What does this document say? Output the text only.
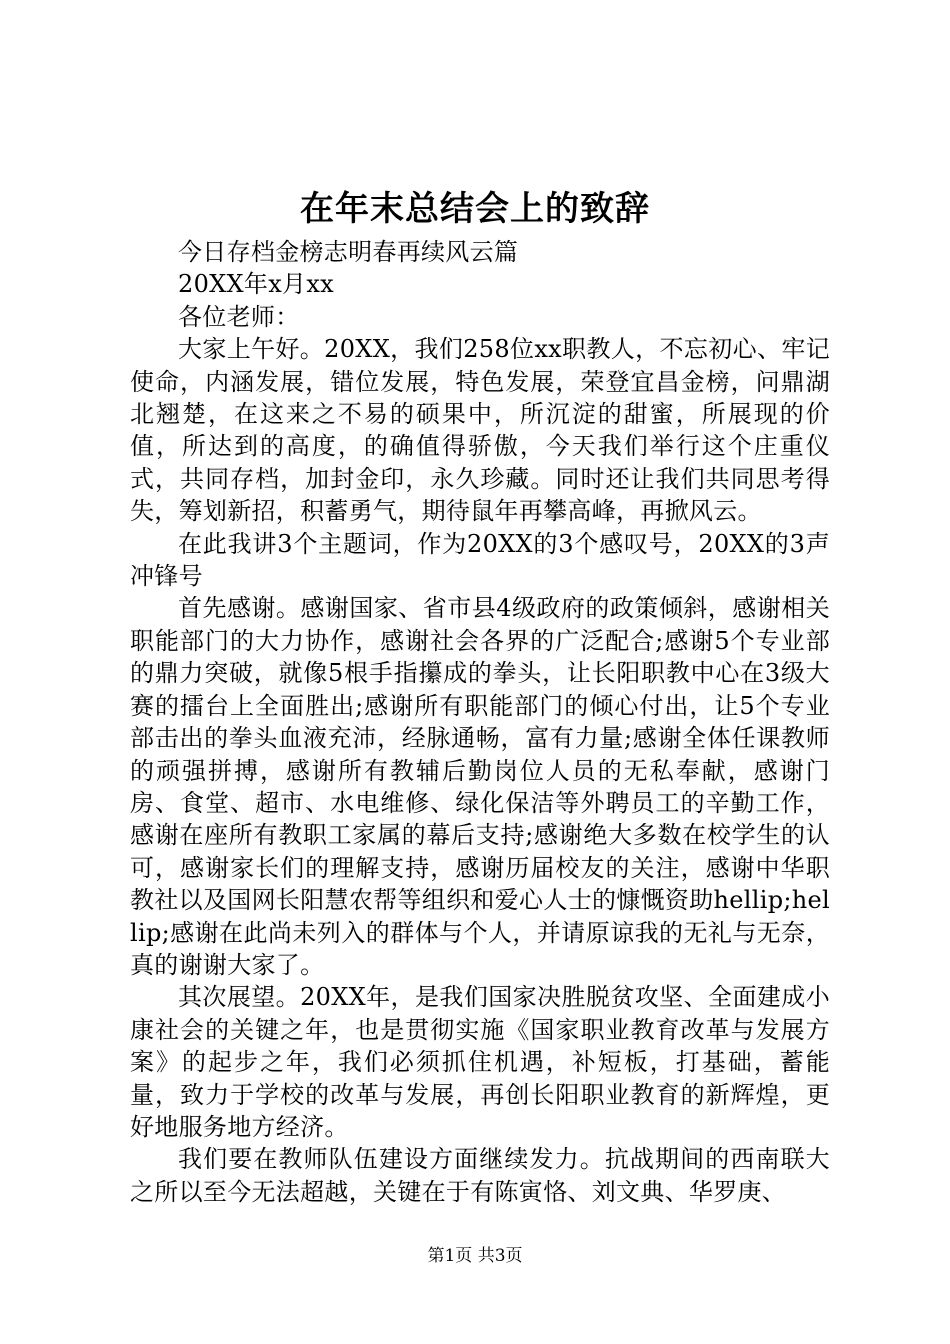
在年末总结会上的致辞

今日存档金榜志明春再续风云篇

20XX年x月xx

各位老师：

大家上午好。20XX，我们258位xx职教人，不忘初心、牢记使命，内涵发展，错位发展，特色发展，荣登宜昌金榜，问鼎湖北翘楚，在这来之不易的硕果中，所沉淀的甜蜜，所展现的价值，所达到的高度，的确值得骄傲，今天我们举行这个庄重仪式，共同存档，加封金印，永久珍藏。同时还让我们共同思考得失，筹划新招，积蓄勇气，期待鼠年再攀高峰，再掀风云。

在此我讲3个主题词，作为20XX的3个感叹号，20XX的3声冲锋号

首先感谢。感谢国家、省市县4级政府的政策倾斜，感谢相关职能部门的大力协作，感谢社会各界的广泛配合;感谢5个专业部的鼎力突破，就像5根手指攥成的拳头，让长阳职教中心在3级大赛的擂台上全面胜出;感谢所有职能部门的倾心付出，让5个专业部击出的拳头血液充沛，经脉通畅，富有力量;感谢全体任课教师的顽强拼搏，感谢所有教辅后勤岗位人员的无私奉献，感谢门房、食堂、超市、水电维修、绿化保洁等外聘员工的辛勤工作，感谢在座所有教职工家属的幕后支持;感谢绝大多数在校学生的认可，感谢家长们的理解支持，感谢历届校友的关注，感谢中华职教社以及国网长阳慧农帮等组织和爱心人士的慷慨资助hellip;hellip;感谢在此尚未列入的群体与个人，并请原谅我的无礼与无奈，真的谢谢大家了。

其次展望。20XX年，是我们国家决胜脱贫攻坚、全面建成小康社会的关键之年，也是贯彻实施《国家职业教育改革与发展方案》的起步之年，我们必须抓住机遇，补短板，打基础，蓄能量，致力于学校的改革与发展，再创长阳职业教育的新辉煌，更好地服务地方经济。

我们要在教师队伍建设方面继续发力。抗战期间的西南联大之所以至今无法超越，关键在于有陈寅恪、刘文典、华罗庚、

第1页 共3页
